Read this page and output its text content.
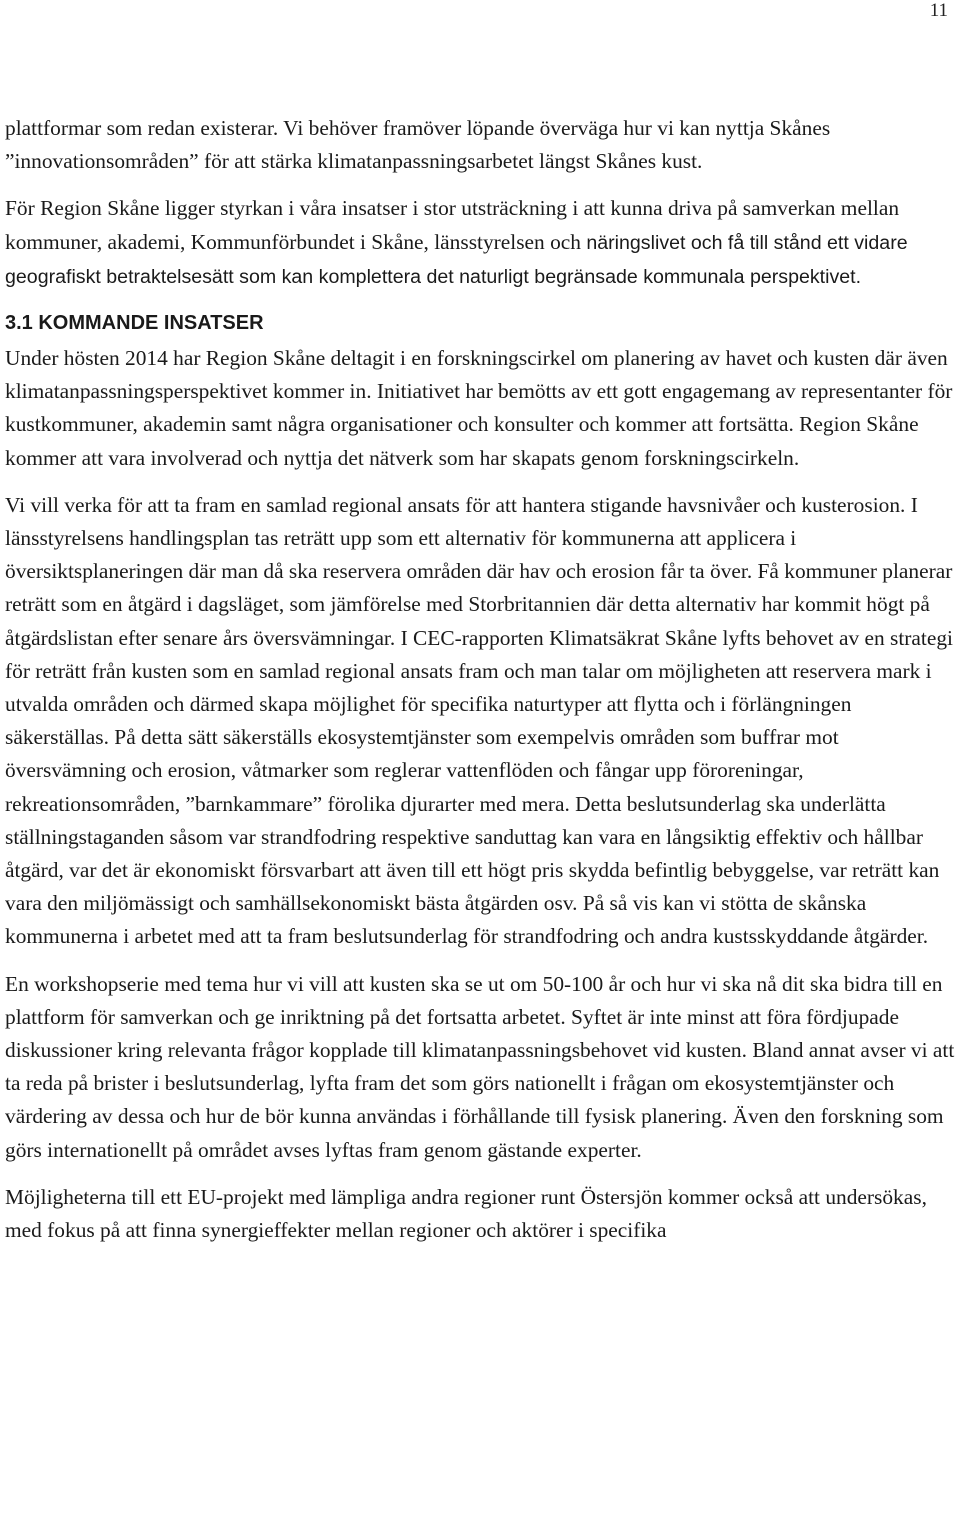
11

plattformar som redan existerar. Vi behöver framöver löpande överväga hur vi kan nyttja Skånes ”innovationsområden” för att stärka klimatanpassningsarbetet längst Skånes kust.

För Region Skåne ligger styrkan i våra insatser i stor utsträckning i att kunna driva på samverkan mellan kommuner, akademi, Kommunförbundet i Skåne, länsstyrelsen och näringslivet och få till stånd ett vidare geografiskt betraktelsesätt som kan komplettera det naturligt begränsade kommunala perspektivet.

3.1 KOMMANDE INSATSER

Under hösten 2014 har Region Skåne deltagit i en forskningscirkel om planering av havet och kusten där även klimatanpassningsperspektivet kommer in. Initiativet har bemötts av ett gott engagemang av representanter för kustkommuner, akademin samt några organisationer och konsulter och kommer att fortsätta. Region Skåne kommer att vara involverad och nyttja det nätverk som har skapats genom forskningscirkeln.

Vi vill verka för att ta fram en samlad regional ansats för att hantera stigande havsnivåer och kusterosion. I länsstyrelsens handlingsplan tas reträtt upp som ett alternativ för kommunerna att applicera i översiktsplaneringen där man då ska reservera områden där hav och erosion får ta över. Få kommuner planerar reträtt som en åtgärd i dagsläget, som jämförelse med Storbritannien där detta alternativ har kommit högt på åtgärdslistan efter senare års översvämningar. I CEC-rapporten Klimatsäkrat Skåne lyfts behovet av en strategi för reträtt från kusten som en samlad regional ansats fram och man talar om möjligheten att reservera mark i utvalda områden och därmed skapa möjlighet för specifika naturtyper att flytta och i förlängningen säkerställas. På detta sätt säkerställs ekosystemtjänster som exempelvis områden som buffrar mot översvämning och erosion, våtmarker som reglerar vattenflöden och fångar upp föroreningar, rekreationsområden, ”barnkammare” förolika djurarter med mera. Detta beslutsunderlag ska underlätta ställningstaganden såsom var strandfodring respektive sanduttag kan vara en långsiktig effektiv och hållbar åtgärd, var det är ekonomiskt försvarbart att även till ett högt pris skydda befintlig bebyggelse, var reträtt kan vara den miljömässigt och samhällsekonomiskt bästa åtgärden osv. På så vis kan vi stötta de skånska kommunerna i arbetet med att ta fram beslutsunderlag för strandfodring och andra kustsskyddande åtgärder.

En workshopserie med tema hur vi vill att kusten ska se ut om 50-100 år och hur vi ska nå dit ska bidra till en plattform för samverkan och ge inriktning på det fortsatta arbetet. Syftet är inte minst att föra fördjupade diskussioner kring relevanta frågor kopplade till klimatanpassningsbehovet vid kusten. Bland annat avser vi att ta reda på brister i beslutsunderlag, lyfta fram det som görs nationellt i frågan om ekosystemtjänster och värdering av dessa och hur de bör kunna användas i förhållande till fysisk planering. Även den forskning som görs internationellt på området avses lyftas fram genom gästande experter.

Möjligheterna till ett EU-projekt med lämpliga andra regioner runt Östersjön kommer också att undersökas, med fokus på att finna synergieffekter mellan regioner och aktörer i specifika
